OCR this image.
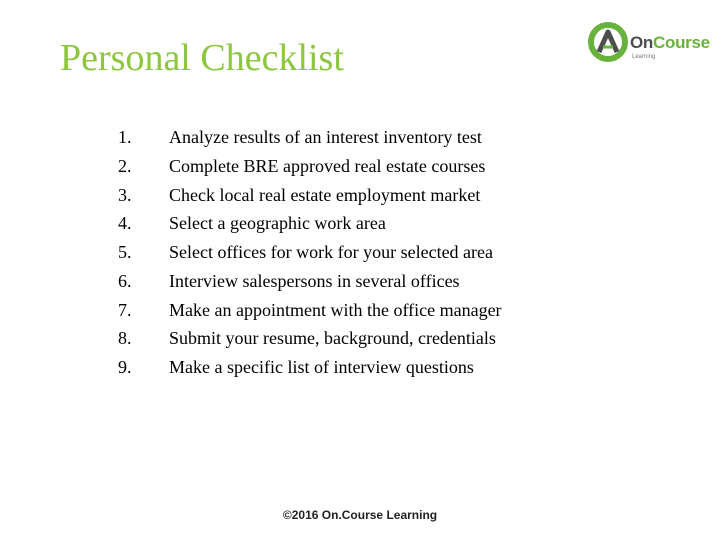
Personal Checklist	OnCourse
Learning
1.	Analyze results of an interest inventory test
2.	Complete BRE approved real estate courses
3.	Check local real estate employment market
4.	Select a geographic work area
5.	Select offices for work for your selected area
6.	Interview salespersons in several offices
7.	Make an appointment with the office manager
8.	Submit your resume, background, credentials
9.	Make a specific list of interview questions
©2016 On.Course Learning
